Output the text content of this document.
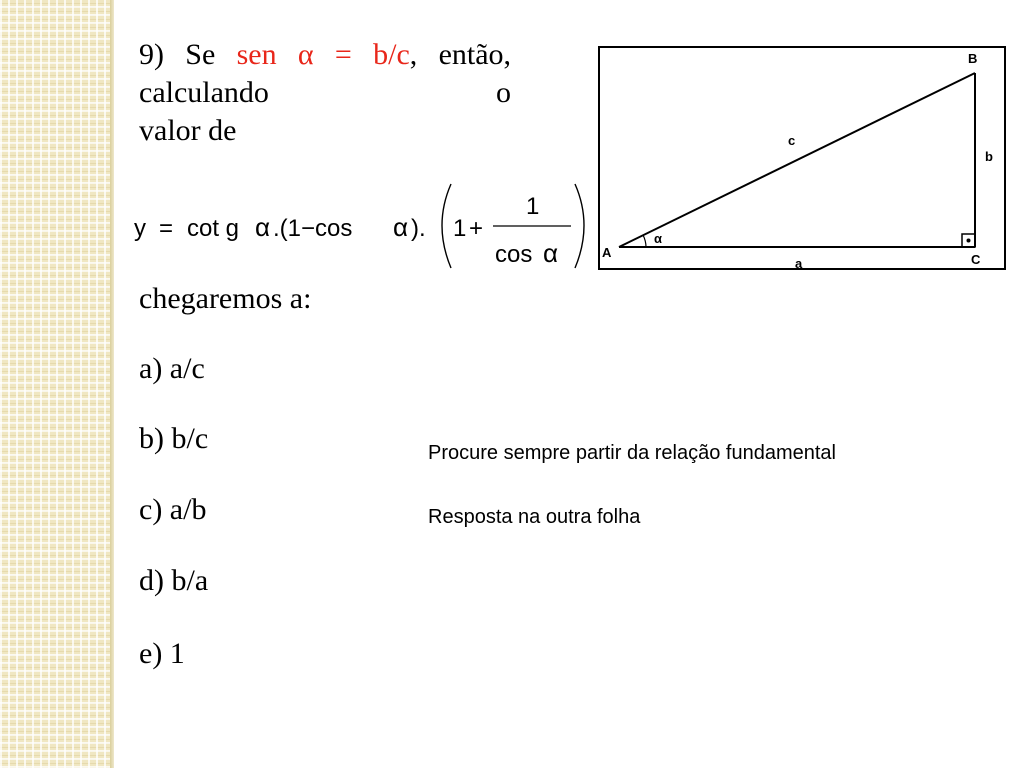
9) Se sen α = b/c, então, calculando	o
valor de
y = cot g α .(1−cos α ). 1 +
1
cos α
chegaremos a:
a) a/c
b) b/c
c) a/b
d) b/a
e) 1
Procure sempre partir da relação fundamental
Resposta na outra folha
α
A
B
C
a
b
c
